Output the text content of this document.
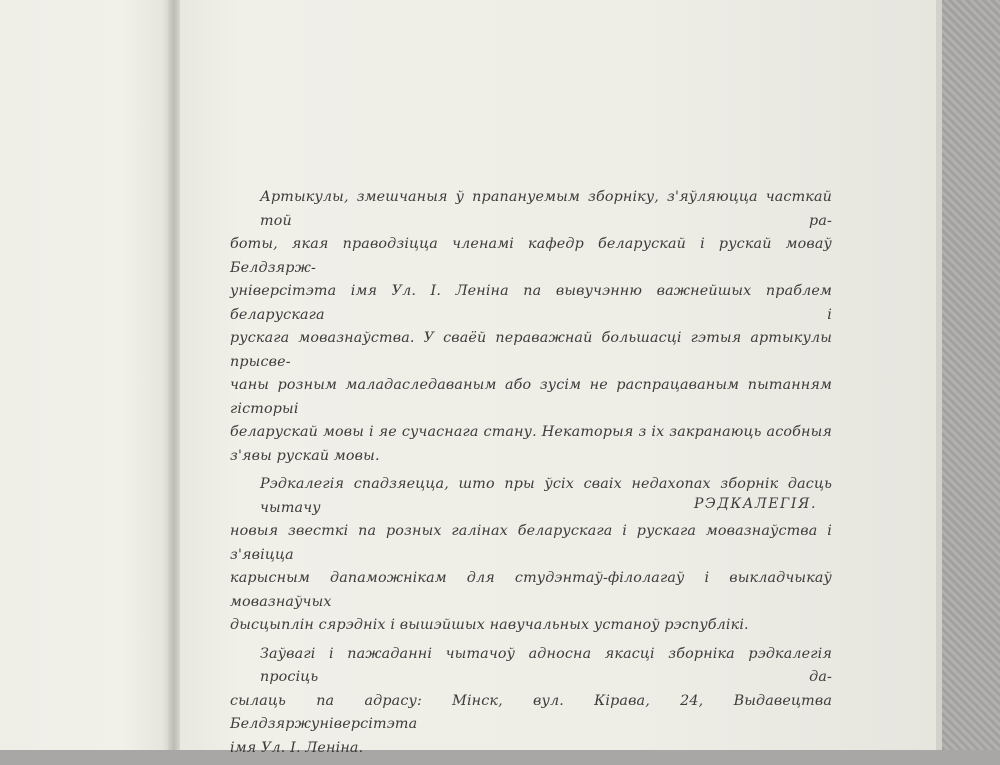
Артыкулы, змешчаныя ў прапануемым зборніку, з'яўляюцца часткай той ра-
боты, якая праводзіцца членамі кафедр беларускай і рускай моваў Белдзярж-
універсітэта імя Ул. І. Леніна па вывучэнню важнейшых праблем беларускага і
рускага мовазнаўства. У сваёй пераважнай большасці гэтыя артыкулы прысве-
чаны розным маладаследаваным або зусім не распрацаваным пытанням гісторыі
беларускай мовы і яе сучаснага стану. Некаторыя з іх закранаюць асобныя
з'явы рускай мовы.

Рэдкалегія спадзяецца, што пры ўсіх сваіх недахопах зборнік дасць чытачу
новыя звесткі па розных галінах беларускага і рускага мовазнаўства і з'явіцца
карысным дапаможнікам для студэнтаў-філолагаў і выкладчыкаў мовазнаўчых
дысцыплін сярэдніх і вышэйшых навучальных устаноў рэспублікі.

Заўвагі і пажаданні чытачоў адносна якасці зборніка рэдкалегія просіць да-
сылаць па адрасу: Мінск, вул. Кірава, 24, Выдавецтва Белдзяржуніверсітэта
імя Ул. І. Леніна.

РЭДКАЛЕГІЯ.
